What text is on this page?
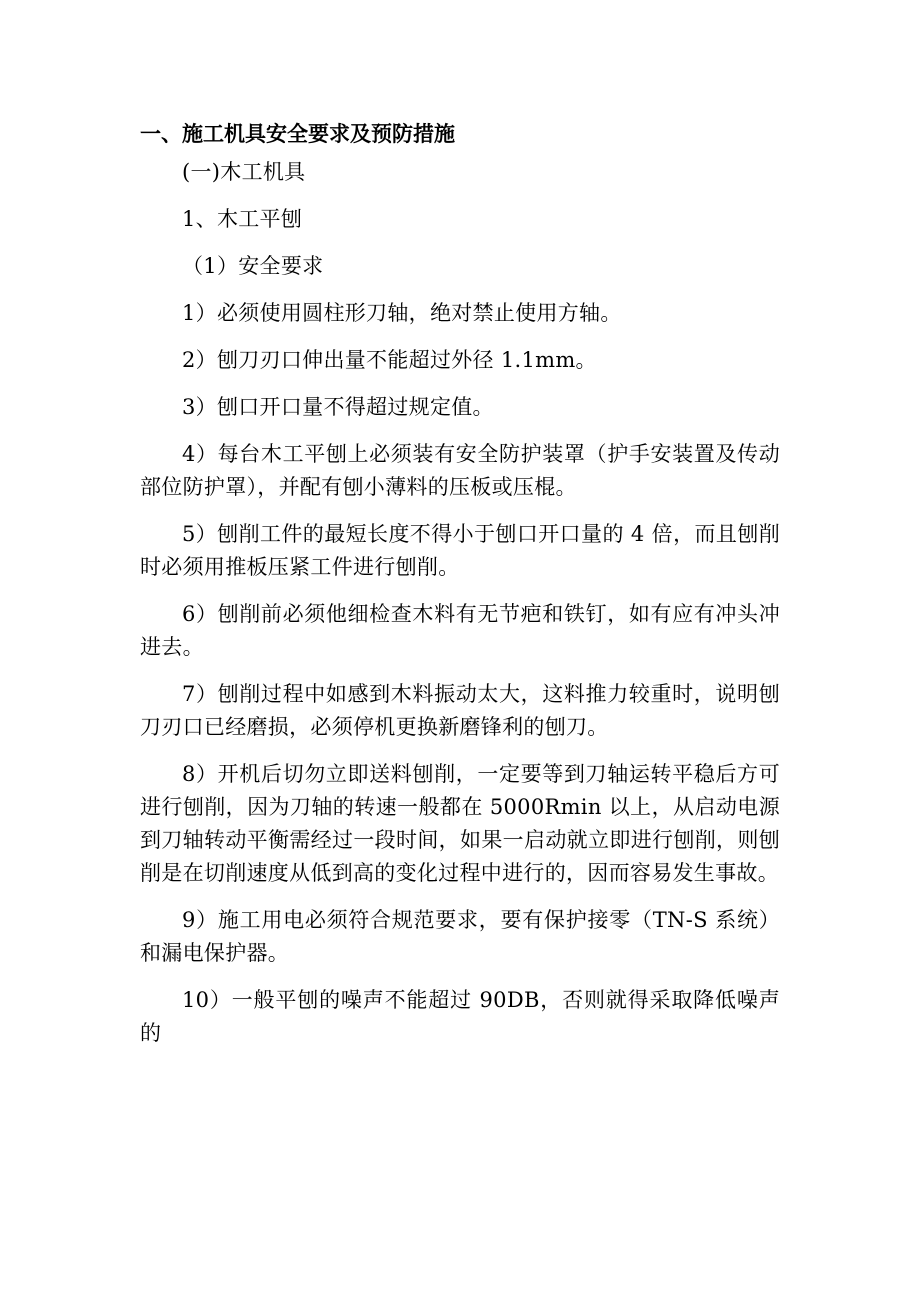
一、施工机具安全要求及预防措施

(一)木工机具

1、木工平刨

（1）安全要求

1）必须使用圆柱形刀轴，绝对禁止使用方轴。

2）刨刀刃口伸出量不能超过外径 1.1mm。

3）刨口开口量不得超过规定值。

4）每台木工平刨上必须装有安全防护装罩（护手安装置及传动部位防护罩），并配有刨小薄料的压板或压棍。

5）刨削工件的最短长度不得小于刨口开口量的 4 倍，而且刨削时必须用推板压紧工件进行刨削。

6）刨削前必须他细检查木料有无节疤和铁钉，如有应有冲头冲进去。

7）刨削过程中如感到木料振动太大，这料推力较重时，说明刨刀刃口已经磨损，必须停机更换新磨锋利的刨刀。

8）开机后切勿立即送料刨削，一定要等到刀轴运转平稳后方可进行刨削，因为刀轴的转速一般都在 5000Rmin 以上，从启动电源到刀轴转动平衡需经过一段时间，如果一启动就立即进行刨削，则刨削是在切削速度从低到高的变化过程中进行的，因而容易发生事故。

9）施工用电必须符合规范要求，要有保护接零（TN-S 系统）和漏电保护器。

10）一般平刨的噪声不能超过 90DB，否则就得采取降低噪声的
